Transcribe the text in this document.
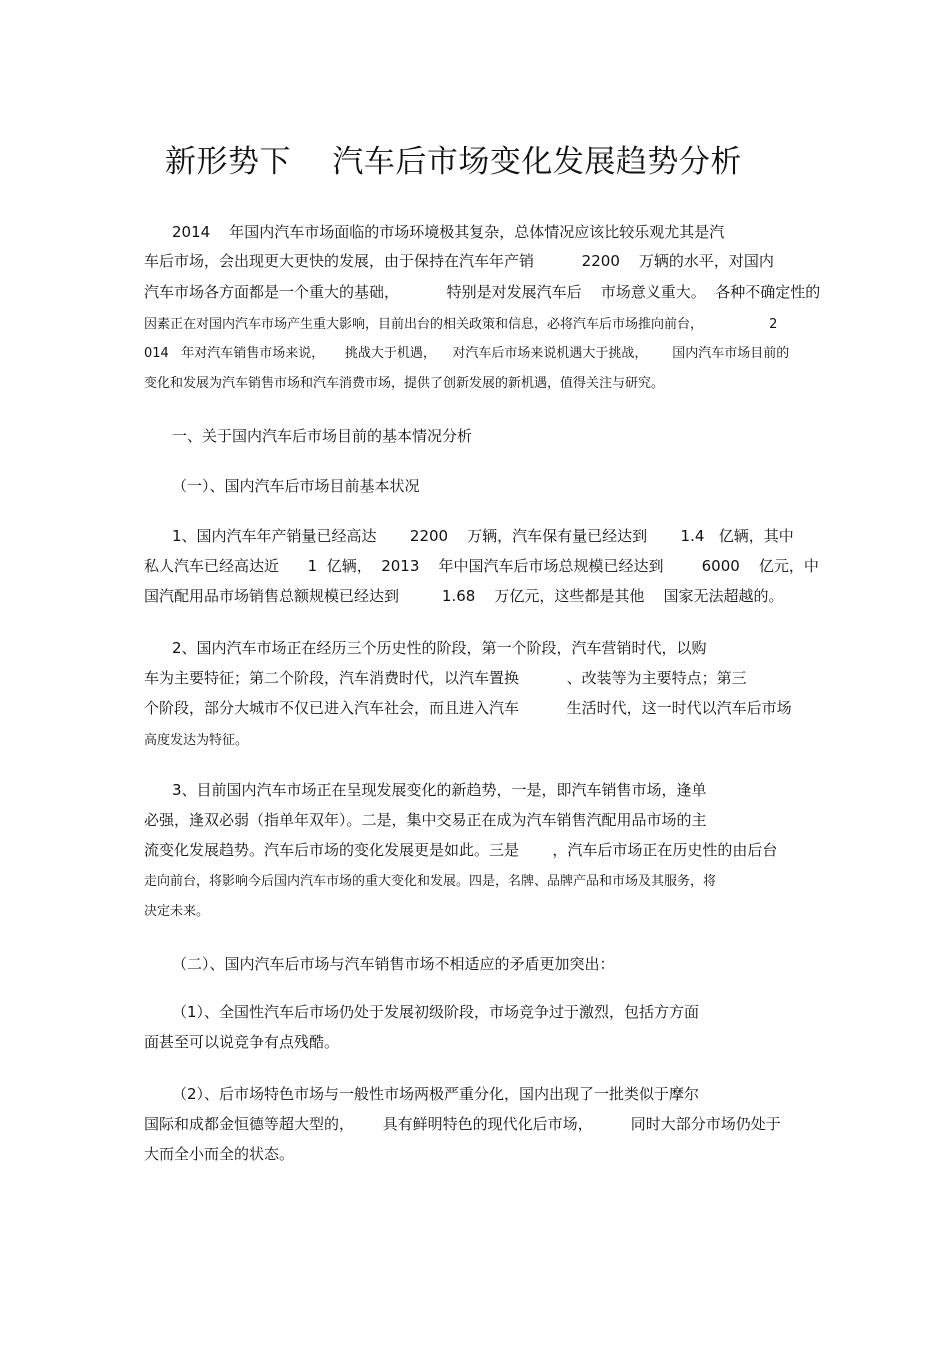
新形势下    汽车后市场变化发展趋势分析
2014    年国内汽车市场面临的市场环境极其复杂，总体情况应该比较乐观尤其是汽
车后市场，会出现更大更快的发展，由于保持在汽车年产销          2200    万辆的水平，对国内
汽车市场各方面都是一个重大的基础，          特别是对发展汽车后    市场意义重大。  各种不确定性的
因素正在对国内汽车市场产生重大影响，目前出台的相关政策和信息，必将汽车后市场推向前台，                2
014   年对汽车销售市场来说，     挑战大于机遇，    对汽车后市场来说机遇大于挑战，      国内汽车市场目前的
变化和发展为汽车销售市场和汽车消费市场，提供了创新发展的新机遇，值得关注与研究。
一、关于国内汽车后市场目前的基本情况分析
（一）、国内汽车后市场目前基本状况
1、国内汽车年产销量已经高达       2200    万辆，汽车保有量已经达到       1.4   亿辆，其中
私人汽车已经高达近      1  亿辆，  2013    年中国汽车后市场总规模已经达到        6000    亿元，中
国汽配用品市场销售总额规模已经达到         1.68    万亿元，这些都是其他    国家无法超越的。
2、国内汽车市场正在经历三个历史性的阶段，第一个阶段，汽车营销时代，以购
车为主要特征；第二个阶段，汽车消费时代，以汽车置换          、改装等为主要特点；第三
个阶段，部分大城市不仅已进入汽车社会，而且进入汽车          生活时代，这一时代以汽车后市场
高度发达为特征。
3、目前国内汽车市场正在呈现发展变化的新趋势，一是，即汽车销售市场，逢单
必强，逢双必弱（指单年双年）。二是，集中交易正在成为汽车销售汽配用品市场的主
流变化发展趋势。汽车后市场的变化发展更是如此。三是       ，汽车后市场正在历史性的由后台
走向前台，将影响今后国内汽车市场的重大变化和发展。四是，名牌、品牌产品和市场及其服务，将
决定未来。
（二）、国内汽车后市场与汽车销售市场不相适应的矛盾更加突出：
（1）、全国性汽车后市场仍处于发展初级阶段，市场竞争过于激烈，包括方方面
面甚至可以说竞争有点残酷。
（2）、后市场特色市场与一般性市场两极严重分化，国内出现了一批类似于摩尔
国际和成都金恒德等超大型的，      具有鲜明特色的现代化后市场，        同时大部分市场仍处于
大而全小而全的状态。
